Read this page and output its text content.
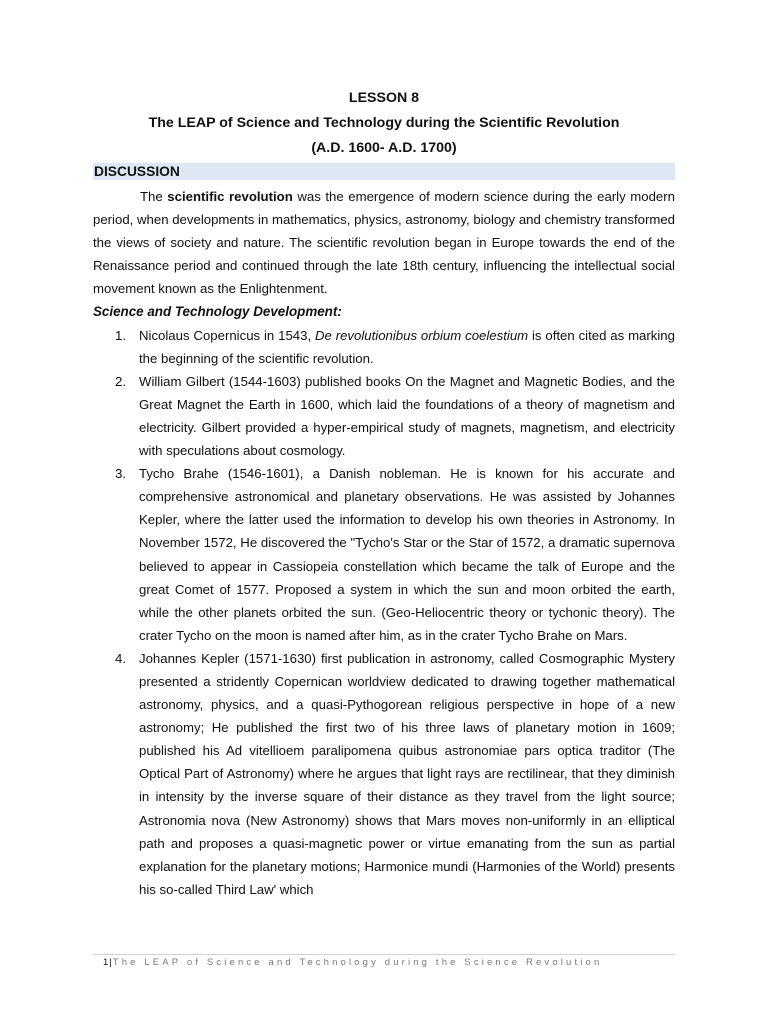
LESSON 8
The LEAP of Science and Technology during the Scientific Revolution
(A.D. 1600- A.D. 1700)
DISCUSSION

The scientific revolution was the emergence of modern science during the early modern period, when developments in mathematics, physics, astronomy, biology and chemistry transformed the views of society and nature. The scientific revolution began in Europe towards the end of the Renaissance period and continued through the late 18th century, influencing the intellectual social movement known as the Enlightenment.

Science and Technology Development:

1. Nicolaus Copernicus in 1543, De revolutionibus orbium coelestium is often cited as marking the beginning of the scientific revolution.
2. William Gilbert (1544-1603) published books On the Magnet and Magnetic Bodies, and the Great Magnet the Earth in 1600, which laid the foundations of a theory of magnetism and electricity. Gilbert provided a hyper-empirical study of magnets, magnetism, and electricity with speculations about cosmology.
3. Tycho Brahe (1546-1601), a Danish nobleman. He is known for his accurate and comprehensive astronomical and planetary observations. He was assisted by Johannes Kepler, where the latter used the information to develop his own theories in Astronomy. In November 1572, He discovered the "Tycho's Star or the Star of 1572, a dramatic supernova believed to appear in Cassiopeia constellation which became the talk of Europe and the great Comet of 1577. Proposed a system in which the sun and moon orbited the earth, while the other planets orbited the sun. (Geo-Heliocentric theory or tychonic theory). The crater Tycho on the moon is named after him, as in the crater Tycho Brahe on Mars.
4. Johannes Kepler (1571-1630) first publication in astronomy, called Cosmographic Mystery presented a stridently Copernican worldview dedicated to drawing together mathematical astronomy, physics, and a quasi-Pythogorean religious perspective in hope of a new astronomy; He published the first two of his three laws of planetary motion in 1609; published his Ad vitellioem paralipomena quibus astronomiae pars optica traditor (The Optical Part of Astronomy) where he argues that light rays are rectilinear, that they diminish in intensity by the inverse square of their distance as they travel from the light source; Astronomia nova (New Astronomy) shows that Mars moves non-uniformly in an elliptical path and proposes a quasi-magnetic power or virtue emanating from the sun as partial explanation for the planetary motions; Harmonice mundi (Harmonies of the World) presents his so-called Third Law' which
1|The LEAP of Science and Technology during the Science Revolution
